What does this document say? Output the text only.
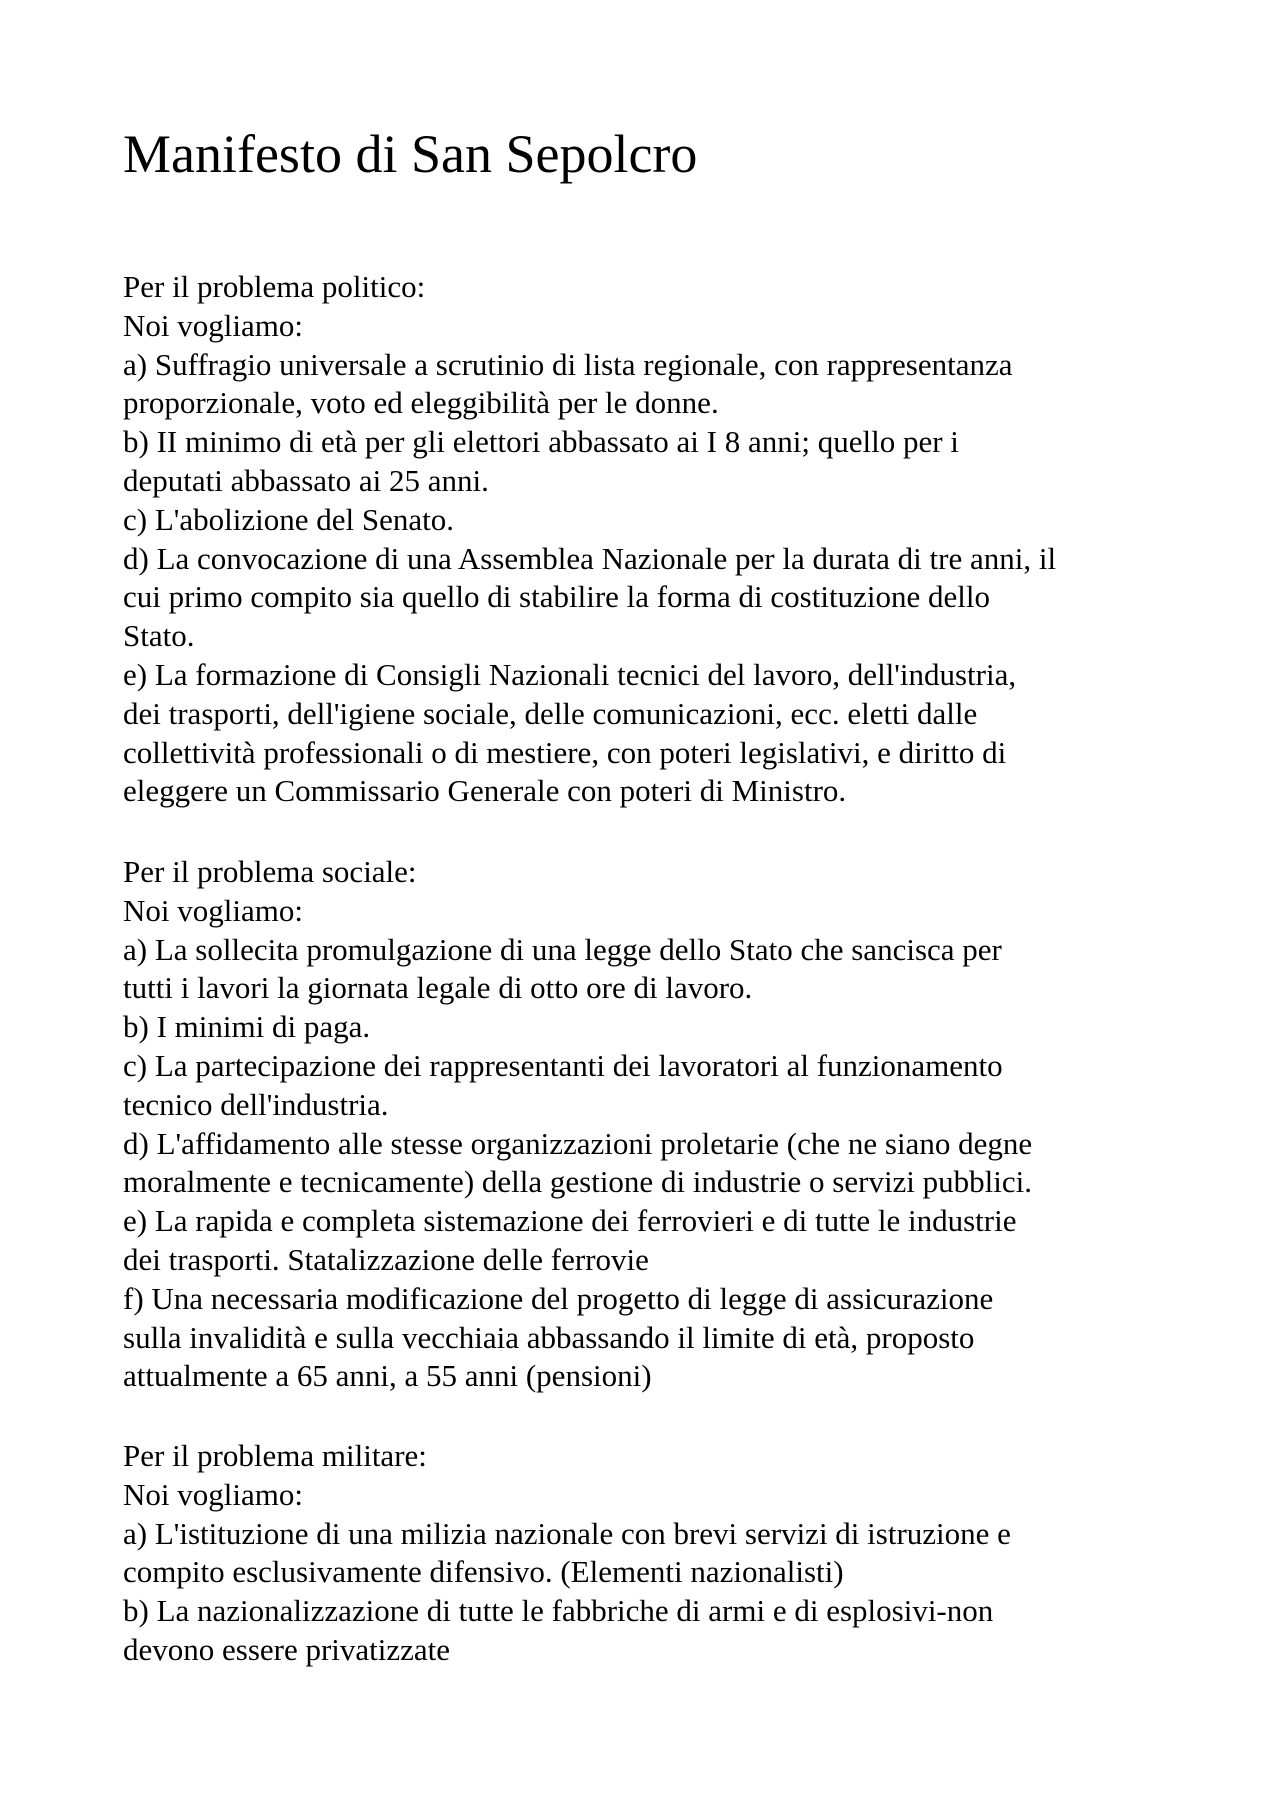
Manifesto di San Sepolcro
Per il problema politico:
Noi vogliamo:
a) Suffragio universale a scrutinio di lista regionale, con rappresentanza
proporzionale, voto ed eleggibilità per le donne.
b) II minimo di età per gli elettori abbassato ai I 8 anni; quello per i
deputati abbassato ai 25 anni.
c) L'abolizione del Senato.
d) La convocazione di una Assemblea Nazionale per la durata di tre anni, il
cui primo compito sia quello di stabilire la forma di costituzione dello
Stato.
e) La formazione di Consigli Nazionali tecnici del lavoro, dell'industria,
dei trasporti, dell'igiene sociale, delle comunicazioni, ecc. eletti dalle
collettività professionali o di mestiere, con poteri legislativi, e diritto di
eleggere un Commissario Generale con poteri di Ministro.
Per il problema sociale:
Noi vogliamo:
a) La sollecita promulgazione di una legge dello Stato che sancisca per
tutti i lavori la giornata legale di otto ore di lavoro.
b) I minimi di paga.
c) La partecipazione dei rappresentanti dei lavoratori al funzionamento
tecnico dell'industria.
d) L'affidamento alle stesse organizzazioni proletarie (che ne siano degne
moralmente e tecnicamente) della gestione di industrie o servizi pubblici.
e) La rapida e completa sistemazione dei ferrovieri e di tutte le industrie
dei trasporti. Statalizzazione delle ferrovie
f) Una necessaria modificazione del progetto di legge di assicurazione
sulla invalidità e sulla vecchiaia abbassando il limite di età, proposto
attualmente a 65 anni, a 55 anni (pensioni)
Per il problema militare:
Noi vogliamo:
a) L'istituzione di una milizia nazionale con brevi servizi di istruzione e
compito esclusivamente difensivo. (Elementi nazionalisti)
b) La nazionalizzazione di tutte le fabbriche di armi e di esplosivi-non
devono essere privatizzate
